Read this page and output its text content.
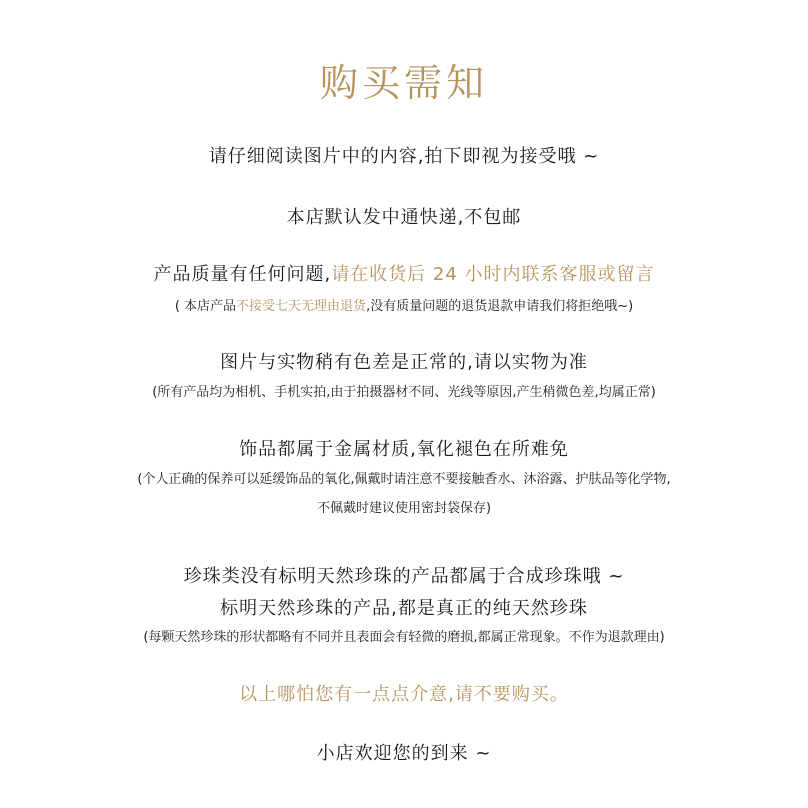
购买需知
请仔细阅读图片中的内容,拍下即视为接受哦 ~
本店默认发中通快递,不包邮
产品质量有任何问题,请在收货后 24 小时内联系客服或留言
( 本店产品不接受七天无理由退货,没有质量问题的退货退款申请我们将拒绝哦~)
图片与实物稍有色差是正常的,请以实物为准
(所有产品均为相机、手机实拍,由于拍摄器材不同、光线等原因,产生稍微色差,均属正常)
饰品都属于金属材质,氧化褪色在所难免
(个人正确的保养可以延缓饰品的氧化,佩戴时请注意不要接触香水、沐浴露、护肤品等化学物,
不佩戴时建议使用密封袋保存)
珍珠类没有标明天然珍珠的产品都属于合成珍珠哦 ~
标明天然珍珠的产品,都是真正的纯天然珍珠
(每颗天然珍珠的形状都略有不同并且表面会有轻微的磨损,都属正常现象。不作为退款理由)
以上哪怕您有一点点介意,请不要购买。
小店欢迎您的到来 ~
